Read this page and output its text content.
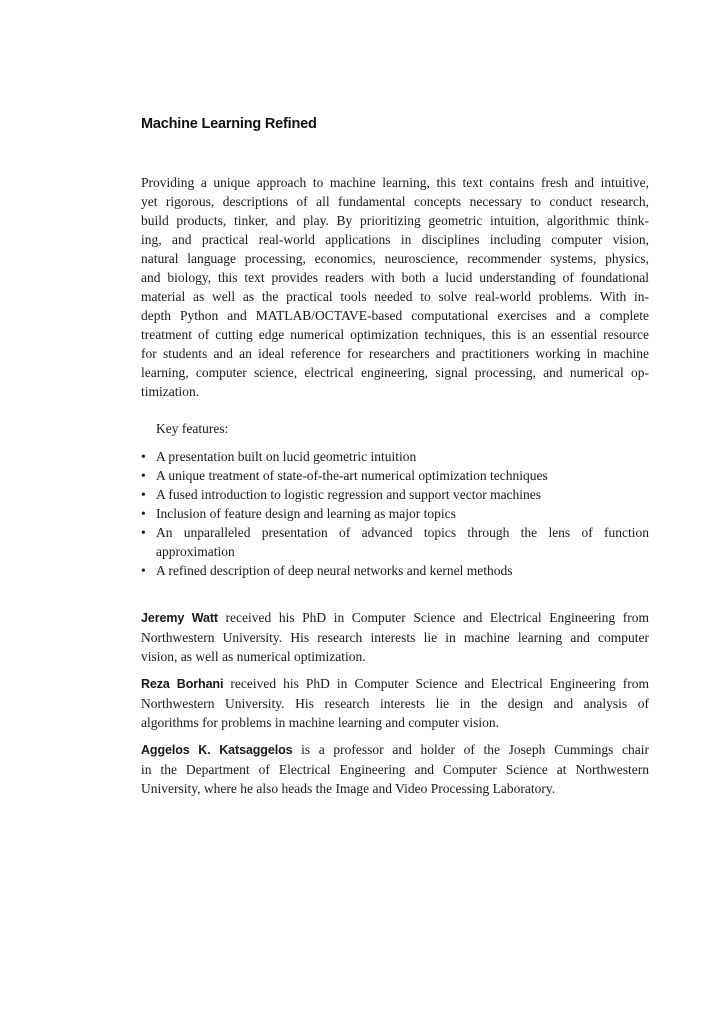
Machine Learning Refined
Providing a unique approach to machine learning, this text contains fresh and intuitive,
yet rigorous, descriptions of all fundamental concepts necessary to conduct research,
build products, tinker, and play. By prioritizing geometric intuition, algorithmic think-
ing, and practical real-world applications in disciplines including computer vision,
natural language processing, economics, neuroscience, recommender systems, physics,
and biology, this text provides readers with both a lucid understanding of foundational
material as well as the practical tools needed to solve real-world problems. With in-
depth Python and MATLAB/OCTAVE-based computational exercises and a complete
treatment of cutting edge numerical optimization techniques, this is an essential resource
for students and an ideal reference for researchers and practitioners working in machine
learning, computer science, electrical engineering, signal processing, and numerical op-
timization.
Key features:
• A presentation built on lucid geometric intuition
• A unique treatment of state-of-the-art numerical optimization techniques
• A fused introduction to logistic regression and support vector machines
• Inclusion of feature design and learning as major topics
• An unparalleled presentation of advanced topics through the lens of function
approximation
• A refined description of deep neural networks and kernel methods
Jeremy Watt received his PhD in Computer Science and Electrical Engineering from
Northwestern University. His research interests lie in machine learning and computer
vision, as well as numerical optimization.
Reza Borhani received his PhD in Computer Science and Electrical Engineering from
Northwestern University. His research interests lie in the design and analysis of
algorithms for problems in machine learning and computer vision.
Aggelos K. Katsaggelos is a professor and holder of the Joseph Cummings chair
in the Department of Electrical Engineering and Computer Science at Northwestern
University, where he also heads the Image and Video Processing Laboratory.
